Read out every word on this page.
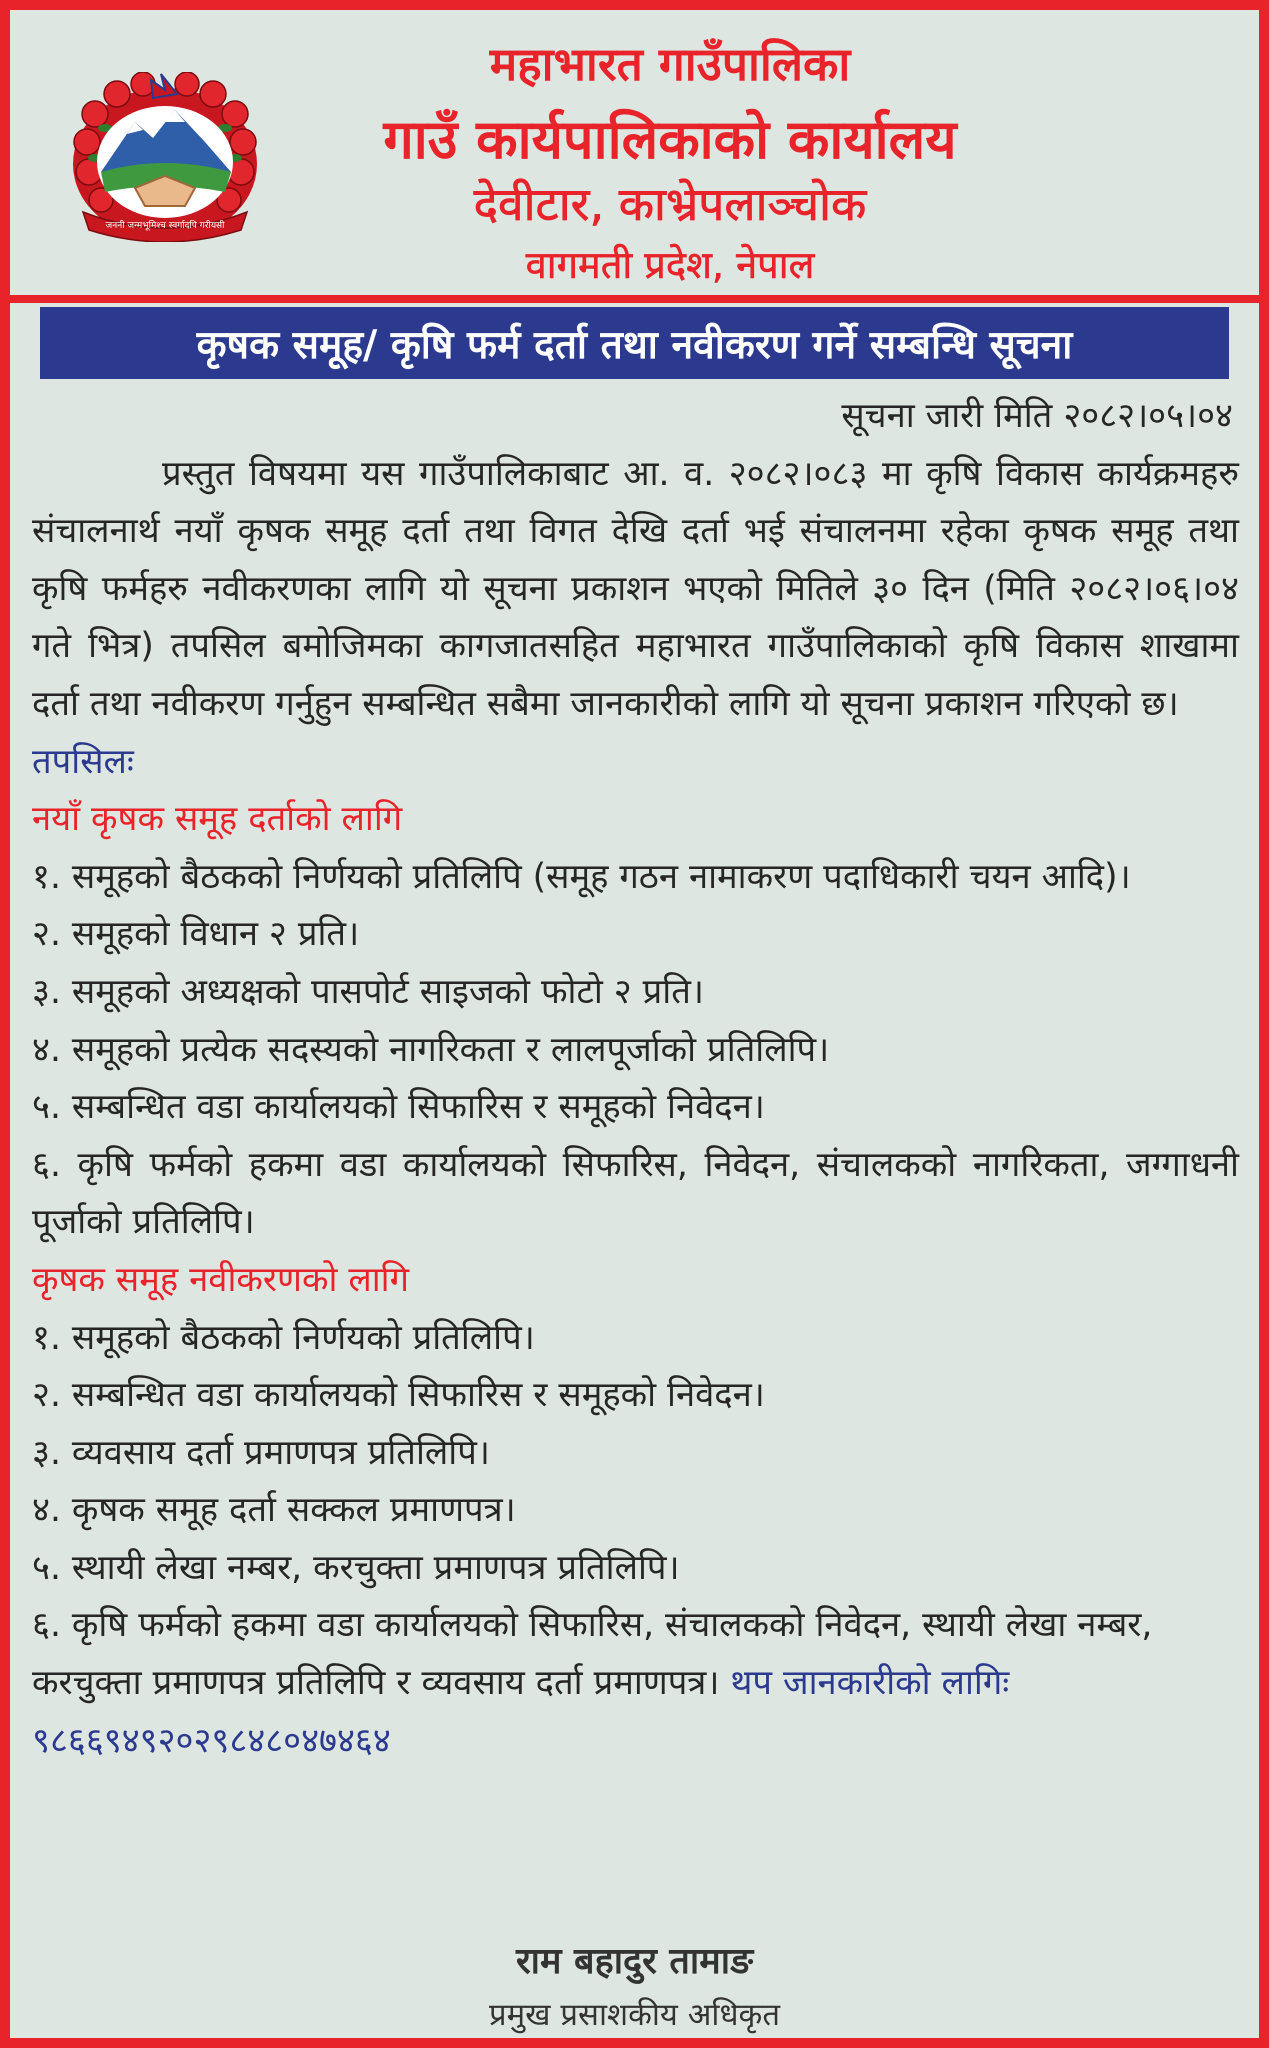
जननी जन्मभूमिश्च स्वर्गादपि गरीयसी
महाभारत गाउँपालिका
गाउँ कार्यपालिकाको कार्यालय
देवीटार, काभ्रेपलाञ्चोक
वागमती प्रदेश, नेपाल
कृषक समूह/ कृषि फर्म दर्ता तथा नवीकरण गर्ने सम्बन्धि सूचना
सूचना जारी मिति २०८२।०५।०४
प्रस्तुत विषयमा यस गाउँपालिकाबाट आ. व. २०८२।०८३ मा कृषि विकास कार्यक्रमहरु संचालनार्थ नयाँ कृषक समूह दर्ता तथा विगत देखि दर्ता भई संचालनमा रहेका कृषक समूह तथा कृषि फर्महरु नवीकरणका लागि यो सूचना प्रकाशन भएको मितिले ३० दिन (मिति २०८२।०६।०४ गते भित्र) तपसिल बमोजिमका कागजातसहित महाभारत गाउँपालिकाको कृषि विकास शाखामा दर्ता तथा नवीकरण गर्नुहुन सम्बन्धित सबैमा जानकारीको लागि यो सूचना प्रकाशन गरिएको छ।
तपसिलः
नयाँ कृषक समूह दर्ताको लागि
१. समूहको बैठकको निर्णयको प्रतिलिपि (समूह गठन नामाकरण पदाधिकारी चयन आदि)।
२. समूहको विधान २ प्रति।
३. समूहको अध्यक्षको पासपोर्ट साइजको फोटो २ प्रति।
४. समूहको प्रत्येक सदस्यको नागरिकता र लालपूर्जाको प्रतिलिपि।
५. सम्बन्धित वडा कार्यालयको सिफारिस र समूहको निवेदन।
६. कृषि फर्मको हकमा वडा कार्यालयको सिफारिस, निवेदन, संचालकको नागरिकता, जग्गाधनी पूर्जाको प्रतिलिपि।
कृषक समूह नवीकरणको लागि
१. समूहको बैठकको निर्णयको प्रतिलिपि।
२. सम्बन्धित वडा कार्यालयको सिफारिस र समूहको निवेदन।
३. व्यवसाय दर्ता प्रमाणपत्र प्रतिलिपि।
४. कृषक समूह दर्ता सक्कल प्रमाणपत्र।
५. स्थायी लेखा नम्बर, करचुक्ता प्रमाणपत्र प्रतिलिपि।
६. कृषि फर्मको हकमा वडा कार्यालयको सिफारिस, संचालकको निवेदन, स्थायी लेखा नम्बर, करचुक्ता प्रमाणपत्र प्रतिलिपि र व्यवसाय दर्ता प्रमाणपत्र। थप जानकारीको लागिः ९८६६९४९२०२९८४८०४७४६४
राम बहादुर तामाङ
प्रमुख प्रसाशकीय अधिकृत
